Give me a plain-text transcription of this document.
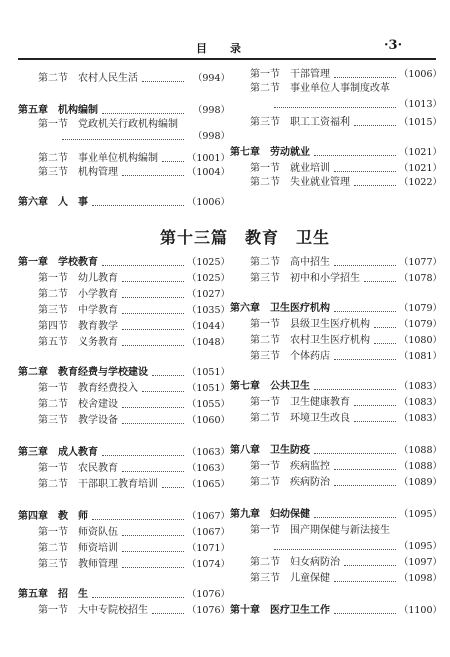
目　录	·3·
第十三篇　教育　卫生
第二节　农村人民生活	（994）
第五章　机构编制	（998）
第一节　党政机关行政机构编制
（998）
第二节　事业单位机构编制	（1001）
第三节　机构管理	（1004）
第六章　人　事	（1006）
第一节　干部管理	（1006）
第二节　事业单位人事制度改革
（1013）
第三节　职工工资福利	（1015）
第七章　劳动就业	（1021）
第一节　就业培训	（1021）
第二节　失业就业管理	（1022）
第一章　学校教育	（1025）
第一节　幼儿教育	（1025）
第二节　小学教育	（1027）
第三节　中学教育	（1035）
第四节　教育教学	（1044）
第五节　义务教育	（1048）
第二章　教育经费与学校建设	（1051）
第一节　教育经费投入	（1051）
第二节　校舍建设	（1055）
第三节　教学设备	（1060）
第三章　成人教育	（1063）
第一节　农民教育	（1063）
第二节　干部职工教育培训	（1065）
第四章　教　师	（1067）
第一节　师资队伍	（1067）
第二节　师资培训	（1071）
第三节　教师管理	（1074）
第五章　招　生	（1076）
第一节　大中专院校招生	（1076）
第二节　高中招生	（1077）
第三节　初中和小学招生	（1078）
第六章　卫生医疗机构	（1079）
第一节　县级卫生医疗机构	（1079）
第二节　农村卫生医疗机构	（1080）
第三节　个体药店	（1081）
第七章　公共卫生	（1083）
第一节　卫生健康教育	（1083）
第二节　环境卫生改良	（1083）
第八章　卫生防疫	（1088）
第一节　疾病监控	（1088）
第二节　疾病防治	（1089）
第九章　妇幼保健	（1095）
第一节　围产期保健与新法接生
（1095）
第二节　妇女病防治	（1097）
第三节　儿童保健	（1098）
第十章　医疗卫生工作	（1100）
